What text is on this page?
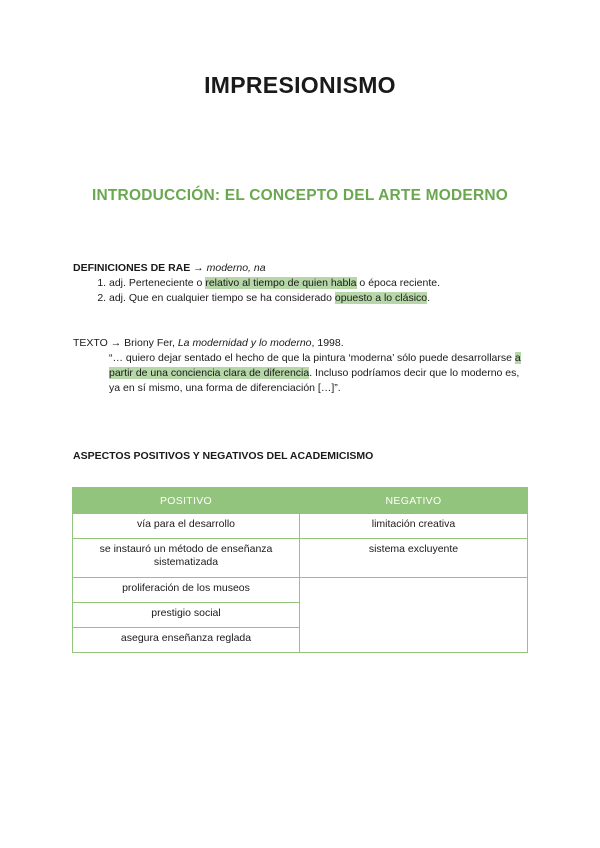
IMPRESIONISMO
INTRODUCCIÓN: EL CONCEPTO DEL ARTE MODERNO
DEFINICIONES DE RAE → moderno, na
1. adj. Perteneciente o relativo al tiempo de quien habla o época reciente.
2. adj. Que en cualquier tiempo se ha considerado opuesto a lo clásico.
TEXTO → Briony Fer, La modernidad y lo moderno, 1998.
“… quiero dejar sentado el hecho de que la pintura ‘moderna’ sólo puede desarrollarse a partir de una conciencia clara de diferencia. Incluso podríamos decir que lo moderno es, ya en sí mismo, una forma de diferenciación […]”.
ASPECTOS POSITIVOS Y NEGATIVOS DEL ACADEMICISMO
POSITIVO	NEGATIVO
vía para el desarrollo	limitación creativa
se instauró un método de enseñanza sistematizada	sistema excluyente
proliferación de los museos	
prestigio social	
asegura enseñanza reglada	
